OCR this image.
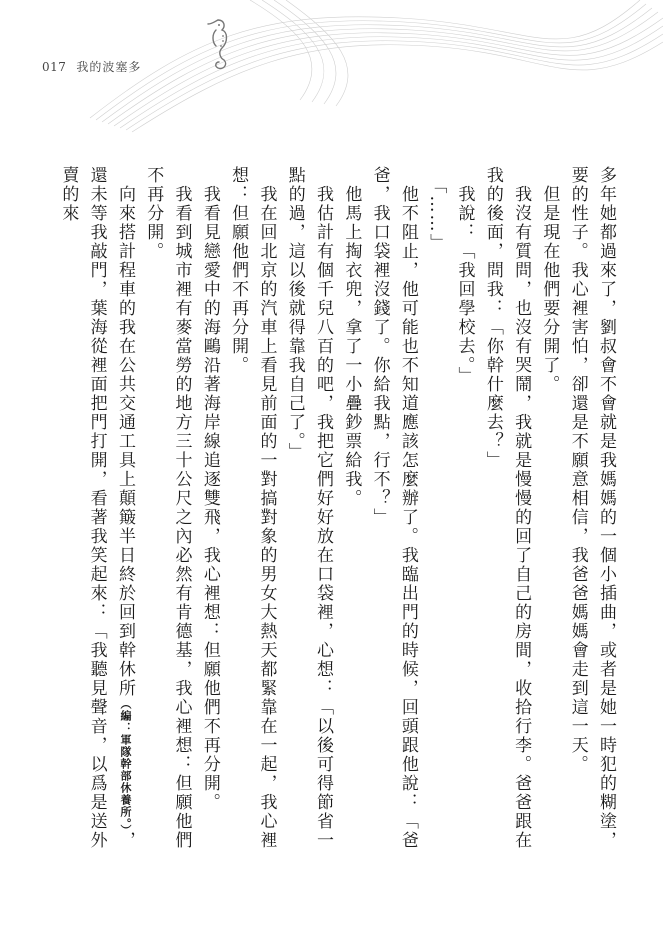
017 我的波塞多

多年她都過來了，劉叔會不會就是我媽媽的一個小插曲，或者是她一時犯的糊塗，要的性子。我心裡害怕，卻還是不願意相信，我爸爸媽媽會走到這一天。

　但是現在他們要分開了。

　我沒有質問，也沒有哭鬧，我就是慢慢的回了自己的房間，收拾行李。爸爸跟在我的後面，問我：「你幹什麼去？」

　我說：「我回學校去。」

　「……」

　他不阻止，他可能也不知道應該怎麼辦了。我臨出門的時候，回頭跟他說：「爸爸，我口袋裡沒錢了。你給我點，行不？」

　他馬上掏衣兜，拿了一小疊鈔票給我。

　我估計有個千兒八百的吧，我把它們好好放在口袋裡，心想：「以後可得節省一點的過，這以後就得靠我自己了。」

　我在回北京的汽車上看見前面的一對搞對象的男女大熱天都緊靠在一起，我心裡想：但願他們不再分開。

　我看見戀愛中的海鷗沿著海岸線追逐雙飛，我心裡想：但願他們不再分開。

　我看到城市裡有麥當勞的地方三十公尺之內必然有肯德基，我心裡想：但願他們不再分開。

　向來搭計程車的我在公共交通工具上顛簸半日終於回到幹休所（編：軍隊幹部休養所。），還未等我敲門，葉海從裡面把門打開，看著我笑起來：「我聽見聲音，以爲是送外賣的來
